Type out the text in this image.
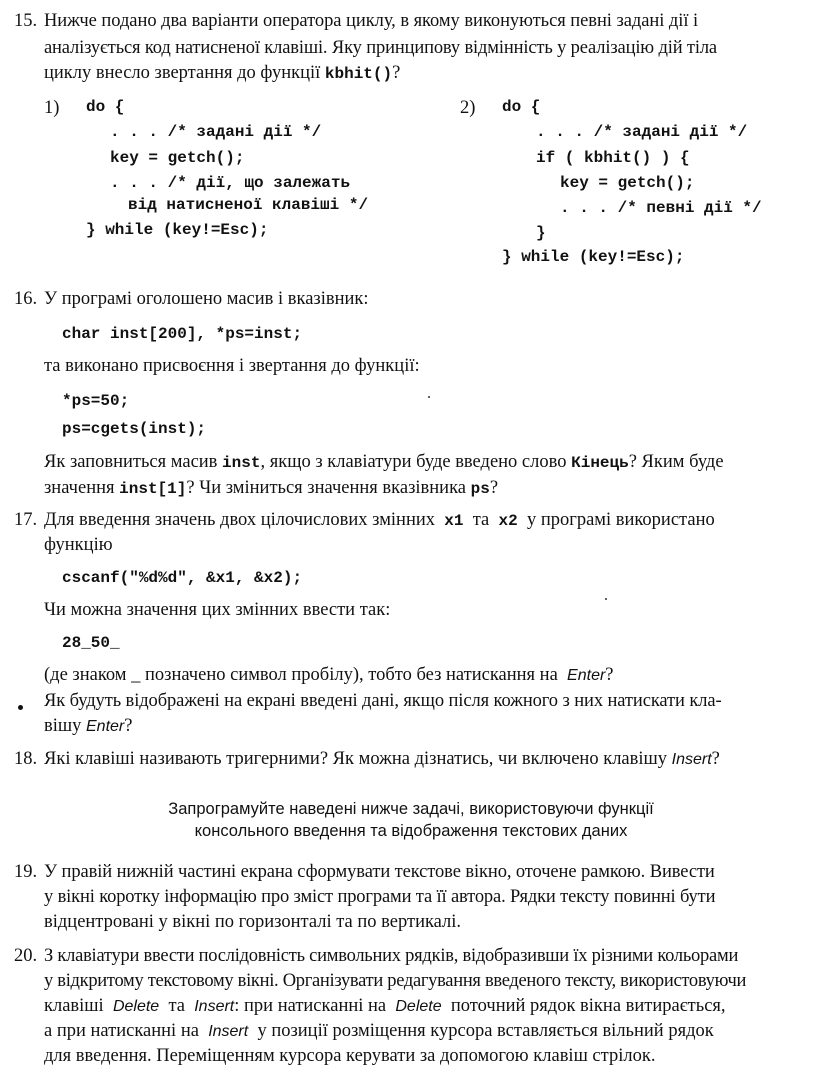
15. Нижче подано два варіанти оператора циклу, в якому виконуються певні задані дії і
аналізується код натисненої клавіші. Яку принципову відмінність у реалізацію дій тіла
циклу внесло звертання до функції kbhit()?
1) do {
. . . /* задані дії */
key = getch();
. . . /* дії, що залежать
від натисненої клавіші */
} while (key!=Esc);
2) do {
. . . /* задані дії */
if ( kbhit() ) {
key = getch();
. . . /* певні дії */
}
} while (key!=Esc);
16. У програмі оголошено масив і вказівник:
char inst[200], *ps=inst;
та виконано присвоєння і звертання до функції:
*ps=50;
ps=cgets(inst);
Як заповниться масив inst, якщо з клавіатури буде введено слово Кінець? Яким буде
значення inst[1]? Чи зміниться значення вказівника ps?
17. Для введення значень двох цілочислових змінних x1 та x2 у програмі використано
функцію
cscanf("%d%d", &x1, &x2);
Чи можна значення цих змінних ввести так:
28_50_
(де знаком _ позначено символ пробілу), тобто без натискання на Enter?
Як будуть відображені на екрані введені дані, якщо після кожного з них натискати кла-
вішу Enter?
18. Які клавіші називають тригерними? Як можна дізнатись, чи включено клавішу Insert?
Запрограмуйте наведені нижче задачі, використовуючи функції
консольного введення та відображення текстових даних
19. У правій нижній частині екрана сформувати текстове вікно, оточене рамкою. Вивести
у вікні коротку інформацію про зміст програми та її автора. Рядки тексту повинні бути
відцентровані у вікні по горизонталі та по вертикалі.
20. З клавіатури ввести послідовність символьних рядків, відобразивши їх різними кольорами
у відкритому текстовому вікні. Організувати редагування введеного тексту, використовуючи
клавіші Delete та Insert: при натисканні на Delete поточний рядок вікна витирається,
а при натисканні на Insert у позиції розміщення курсора вставляється вільний рядок
для введення. Переміщенням курсора керувати за допомогою клавіш стрілок.
